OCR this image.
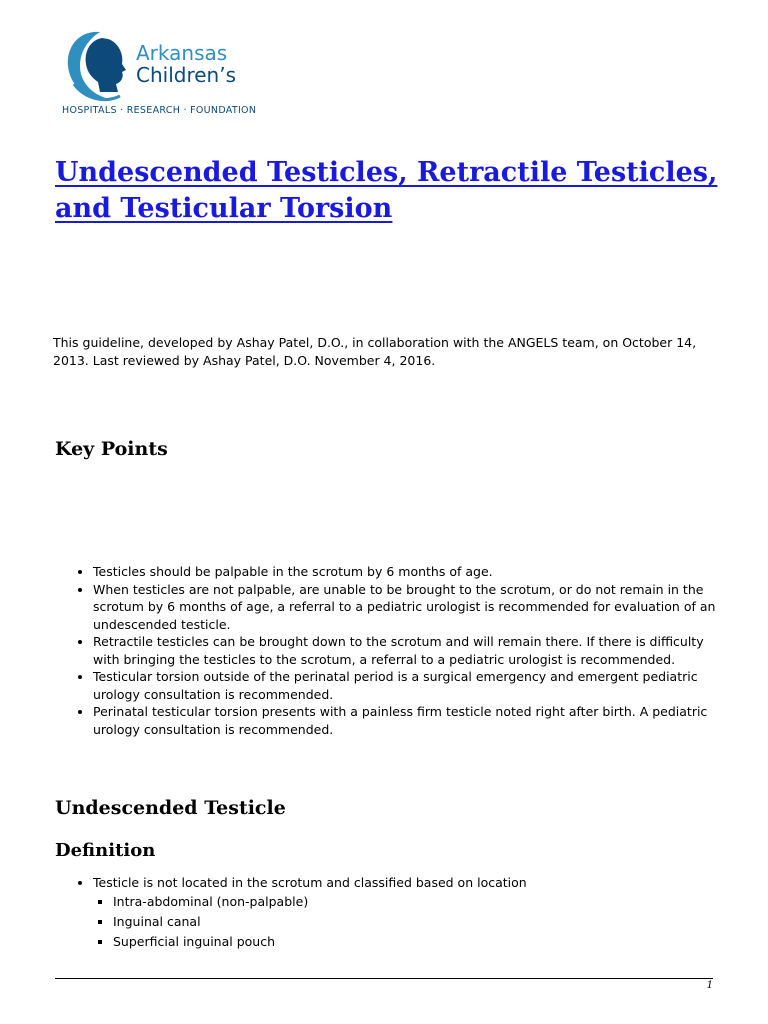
Arkansas
Children’s
HOSPITALS · RESEARCH · FOUNDATION
Undescended Testicles, Retractile Testicles, and Testicular Torsion

This guideline, developed by Ashay Patel, D.O., in collaboration with the ANGELS team, on October 14, 2013. Last reviewed by Ashay Patel, D.O. November 4, 2016.

Key Points
• Testicles should be palpable in the scrotum by 6 months of age.
• When testicles are not palpable, are unable to be brought to the scrotum, or do not remain in the scrotum by 6 months of age, a referral to a pediatric urologist is recommended for evaluation of an undescended testicle.
• Retractile testicles can be brought down to the scrotum and will remain there. If there is difficulty with bringing the testicles to the scrotum, a referral to a pediatric urologist is recommended.
• Testicular torsion outside of the perinatal period is a surgical emergency and emergent pediatric urology consultation is recommended.
• Perinatal testicular torsion presents with a painless firm testicle noted right after birth. A pediatric urology consultation is recommended.
Undescended Testicle
Definition
• Testicle is not located in the scrotum and classified based on location
▪ Intra-abdominal (non-palpable)
▪ Inguinal canal
▪ Superficial inguinal pouch
1
